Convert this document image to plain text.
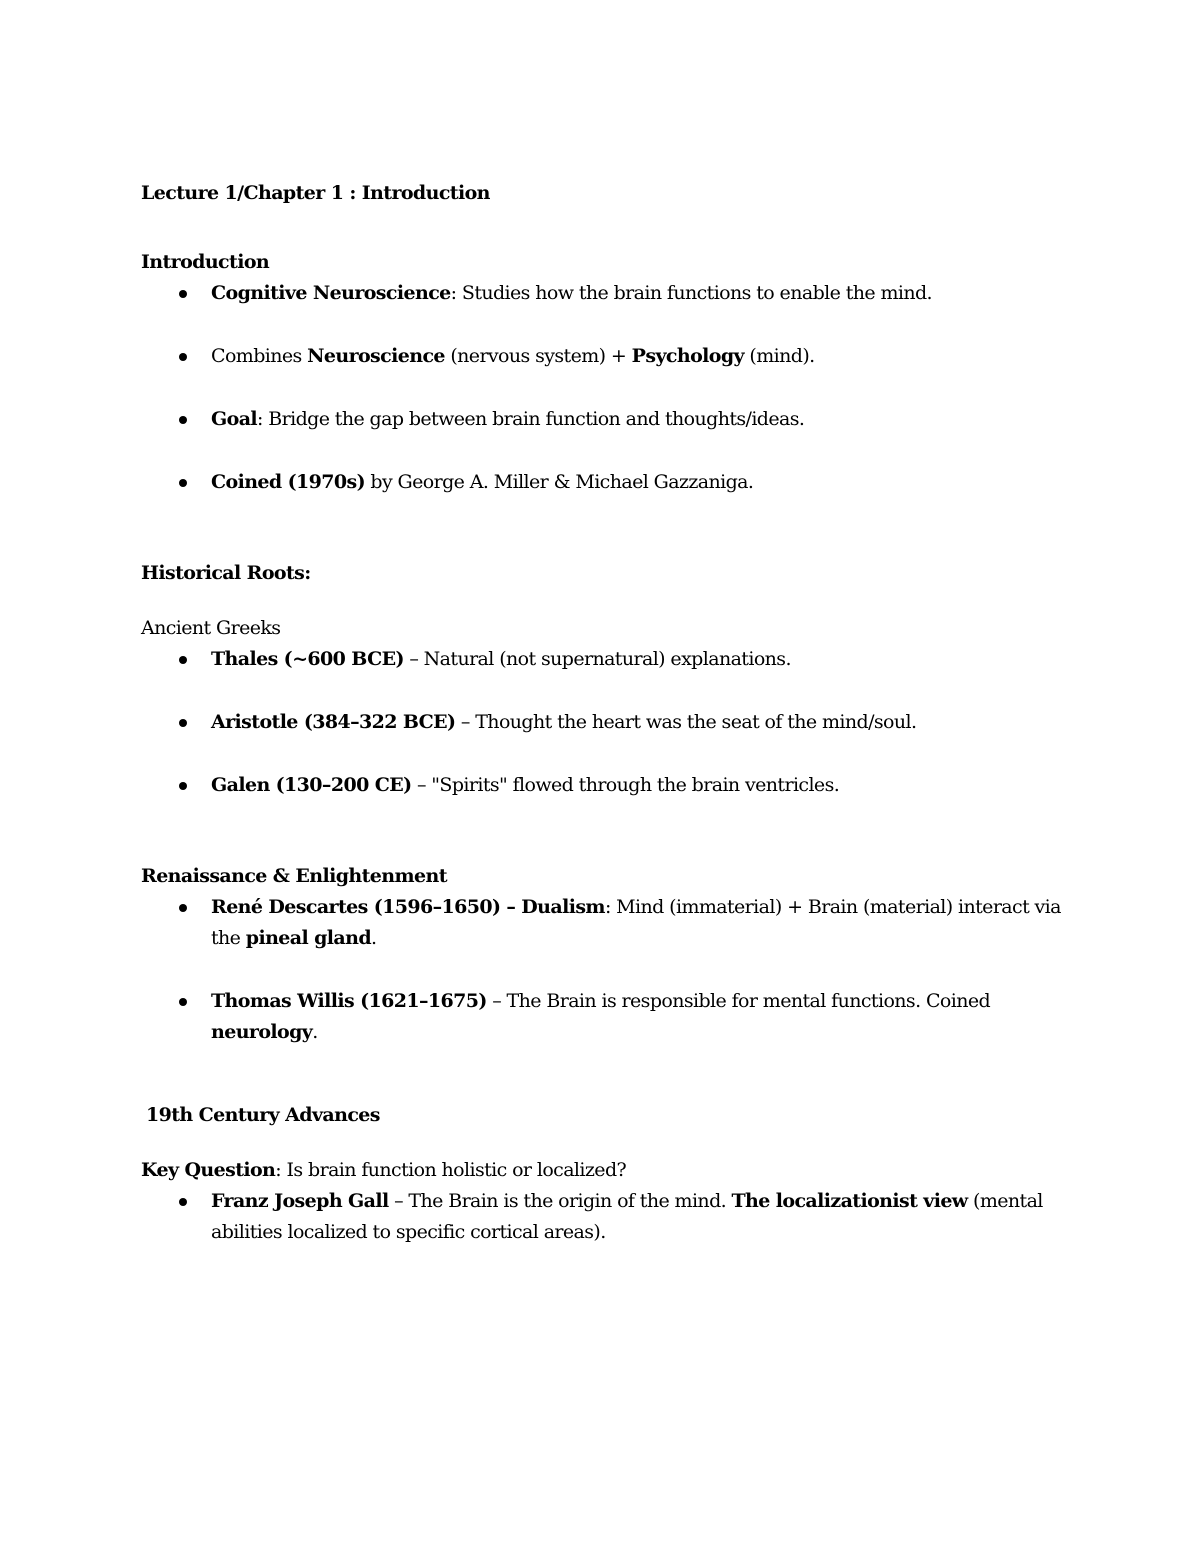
Lecture 1/Chapter 1 : Introduction

Introduction

Cognitive Neuroscience: Studies how the brain functions to enable the mind.
Combines Neuroscience (nervous system) + Psychology (mind).
Goal: Bridge the gap between brain function and thoughts/ideas.
Coined (1970s) by George A. Miller & Michael Gazzaniga.

Historical Roots:

Ancient Greeks

Thales (~600 BCE) – Natural (not supernatural) explanations.
Aristotle (384–322 BCE) – Thought the heart was the seat of the mind/soul.
Galen (130–200 CE) – "Spirits" flowed through the brain ventricles.

Renaissance & Enlightenment

René Descartes (1596–1650) – Dualism: Mind (immaterial) + Brain (material) interact via the pineal gland.
Thomas Willis (1621–1675) – The Brain is responsible for mental functions. Coined neurology.

19th Century Advances

Key Question: Is brain function holistic or localized?

Franz Joseph Gall – The Brain is the origin of the mind. The localizationist view (mental abilities localized to specific cortical areas).
